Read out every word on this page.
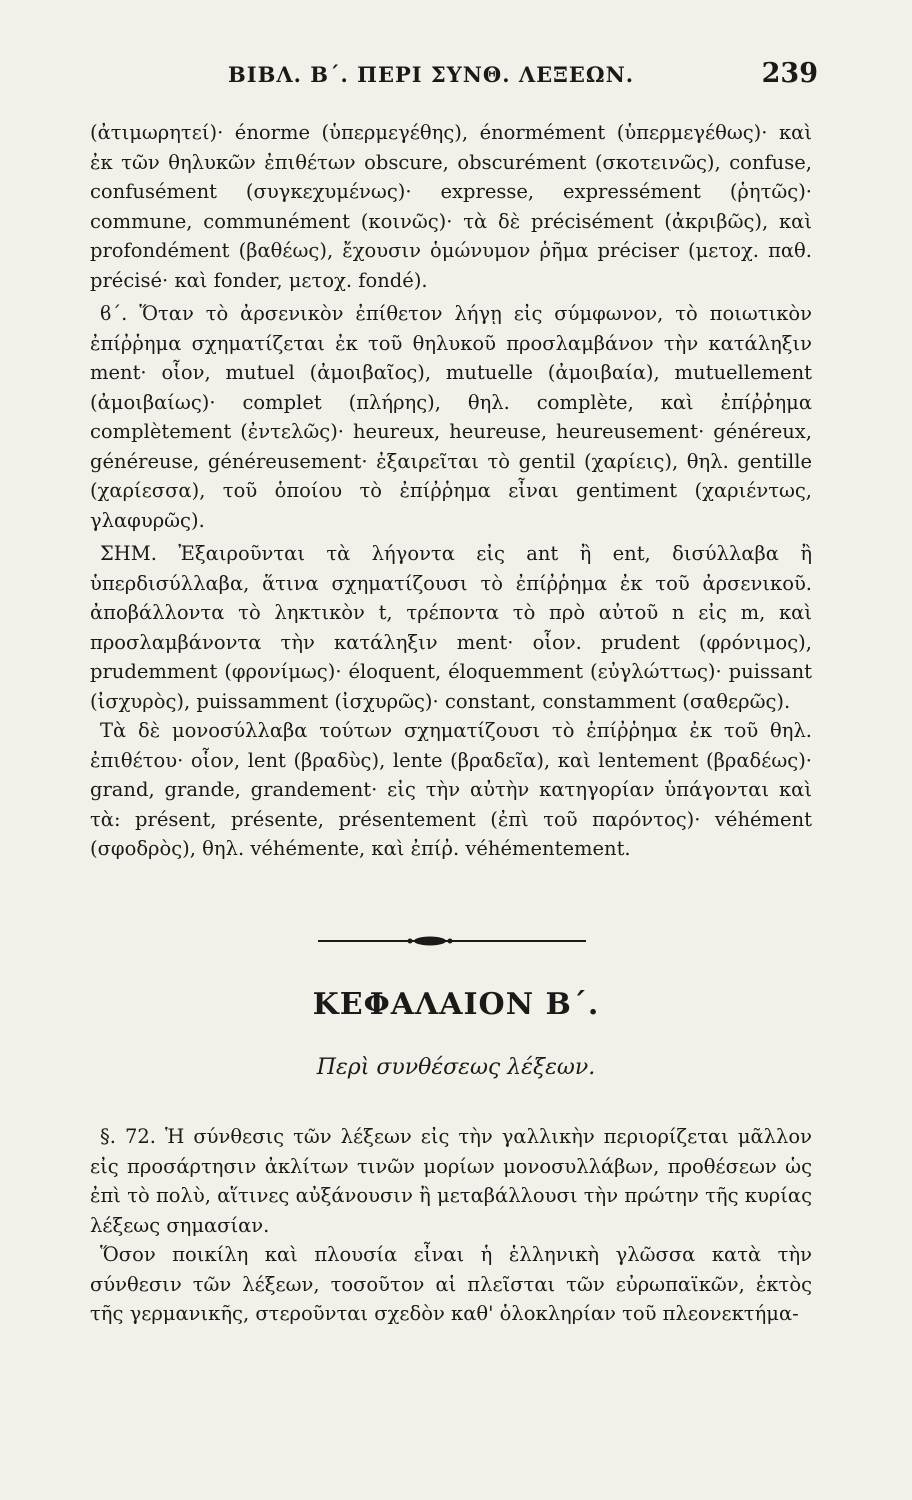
ΒΙΒΛ. Β΄. ΠΕΡΙ ΣΥΝΘ. ΛΕΞΕΩΝ.	239

(ἀτιμωρητεί)· énorme (ὑπερμεγέθης), énormément (ὑπερμεγέθως)· καὶ ἐκ τῶν θηλυκῶν ἐπιθέτων obscure, obscurément (σκοτεινῶς), confuse, confusément (συγκεχυμένως)· expresse, expressément (ῥητῶς)· commune, communément (κοινῶς)· τὰ δὲ précisément (ἀκριβῶς), καὶ profondément (βαθέως), ἔχουσιν ὁμώνυμον ῥῆμα préciser (μετοχ. παθ. précisé· καὶ fonder, μετοχ. fondé).

ϐ΄. Ὅταν τὸ ἀρσενικὸν ἐπίθετον λήγῃ εἰς σύμφωνον, τὸ ποιωτικὸν ἐπίῤῥημα σχηματίζεται ἐκ τοῦ θηλυκοῦ προσλαμβάνον τὴν κατάληξιν ment· οἷον, mutuel (ἀμοιβαῖος), mutuelle (ἀμοιβαία), mutuellement (ἀμοιβαίως)· complet (πλήρης), θηλ. complète, καὶ ἐπίῤῥημα complètement (ἐντελῶς)· heureux, heureuse, heureusement· généreux, généreuse, généreusement· ἐξαιρεῖται τὸ gentil (χαρίεις), θηλ. gentille (χαρίεσσα), τοῦ ὁποίου τὸ ἐπίῤῥημα εἶναι gentiment (χαριέντως, γλαφυρῶς).

ΣΗΜ. Ἐξαιροῦνται τὰ λήγοντα εἰς ant ἢ ent, δισύλλαβα ἢ ὑπερδισύλλαβα, ἅτινα σχηματίζουσι τὸ ἐπίῤῥημα ἐκ τοῦ ἀρσενικοῦ. ἀποβάλλοντα τὸ ληκτικὸν t, τρέποντα τὸ πρὸ αὐτοῦ n εἰς m, καὶ προσλαμβάνοντα τὴν κατάληξιν ment· οἷον. prudent (φρόνιμος), prudemment (φρονίμως)· éloquent, éloquemment (εὐγλώττως)· puissant (ἰσχυρὸς), puissamment (ἰσχυρῶς)· constant, constamment (σαθερῶς).

Τὰ δὲ μονοσύλλαβα τούτων σχηματίζουσι τὸ ἐπίῤῥημα ἐκ τοῦ θηλ. ἐπιθέτου· οἷον, lent (βραδὺς), lente (βραδεῖα), καὶ lentement (βραδέως)· grand, grande, grandement· εἰς τὴν αὐτὴν κατηγορίαν ὑπάγονται καὶ τὰ: présent, présente, présentement (ἐπὶ τοῦ παρόντος)· véhément (σφοδρὸς), θηλ. véhémente, καὶ ἐπίῤ. véhémentement.

ΚΕΦΑΛΑΙΟΝ Β΄.
Περὶ συνθέσεως λέξεων.

§. 72. Ἡ σύνθεσις τῶν λέξεων εἰς τὴν γαλλικὴν περιορίζεται μᾶλλον εἰς προσάρτησιν ἀκλίτων τινῶν μορίων μονοσυλλάβων, προθέσεων ὡς ἐπὶ τὸ πολὺ, αἵτινες αὐξάνουσιν ἢ μεταβάλλουσι τὴν πρώτην τῆς κυρίας λέξεως σημασίαν.

Ὅσον ποικίλη καὶ πλουσία εἶναι ἡ ἑλληνικὴ γλῶσσα κατὰ τὴν σύνθεσιν τῶν λέξεων, τοσοῦτον αἱ πλεῖσται τῶν εὐρωπαϊκῶν, ἐκτὸς τῆς γερμανικῆς, στεροῦνται σχεδὸν καθ' ὁλοκληρίαν τοῦ πλεονεκτήμα-
